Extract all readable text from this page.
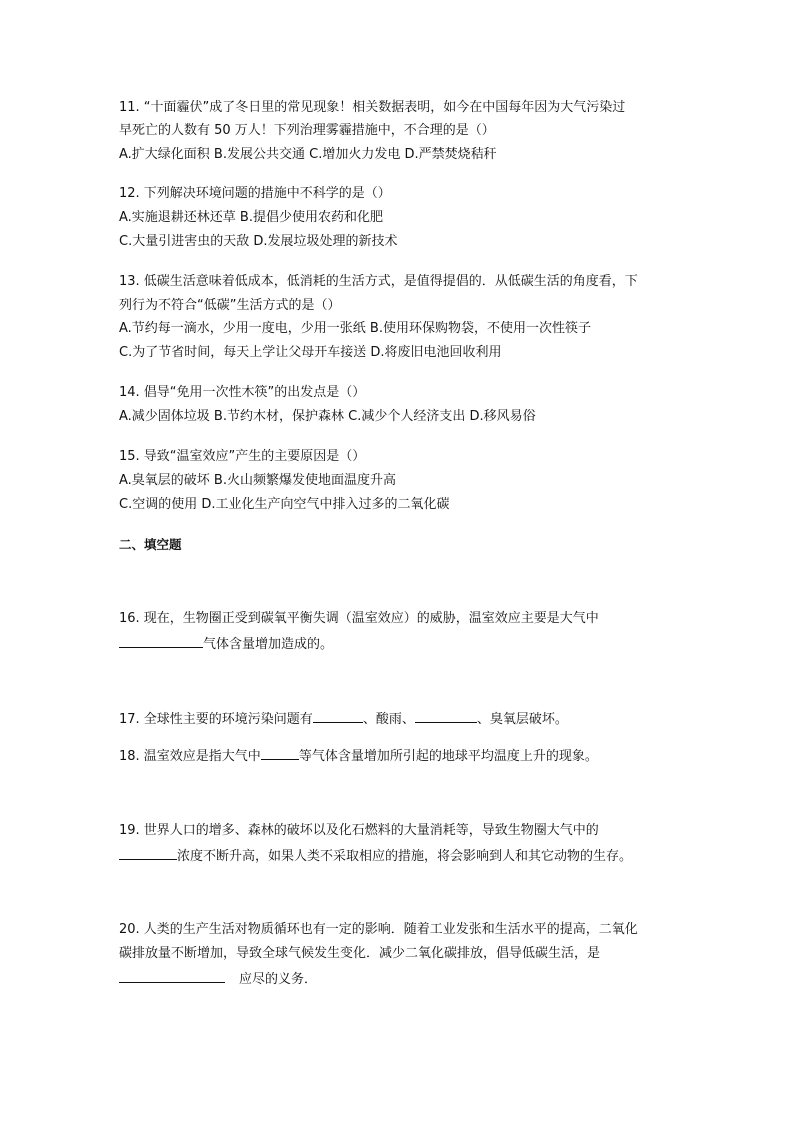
11. “十面霾伏”成了冬日里的常见现象！相关数据表明，如今在中国每年因为大气污染过
早死亡的人数有 50 万人！下列治理雾霾措施中，不合理的是（）
A.扩大绿化面积 B.发展公共交通 C.增加火力发电 D.严禁焚烧秸秆
12. 下列解决环境问题的措施中不科学的是（）
A.实施退耕还林还草 B.提倡少使用农药和化肥
C.大量引进害虫的天敌 D.发展垃圾处理的新技术
13. 低碳生活意味着低成本，低消耗的生活方式，是值得提倡的．从低碳生活的角度看，下
列行为不符合“低碳”生活方式的是（）
A.节约每一滴水，少用一度电，少用一张纸 B.使用环保购物袋，不使用一次性筷子
C.为了节省时间，每天上学让父母开车接送 D.将废旧电池回收利用
14. 倡导“免用一次性木筷”的出发点是（）
A.减少固体垃圾 B.节约木材，保护森林 C.减少个人经济支出 D.移风易俗
15. 导致“温室效应”产生的主要原因是（）
A.臭氧层的破坏 B.火山频繁爆发使地面温度升高
C.空调的使用 D.工业化生产向空气中排入过多的二氧化碳
二、填空题
16. 现在，生物圈正受到碳氧平衡失调（温室效应）的威胁，温室效应主要是大气中
气体含量增加造成的。
17. 全球性主要的环境污染问题有	、酸雨、	、臭氧层破坏。
18. 温室效应是指大气中	等气体含量增加所引起的地球平均温度上升的现象。
19. 世界人口的增多、森林的破坏以及化石燃料的大量消耗等，导致生物圈大气中的
浓度不断升高，如果人类不采取相应的措施，将会影响到人和其它动物的生存。
20. 人类的生产生活对物质循环也有一定的影响．随着工业发张和生活水平的提高，二氧化
碳排放量不断增加，导致全球气候发生变化．减少二氧化碳排放，倡导低碳生活，是
应尽的义务．
